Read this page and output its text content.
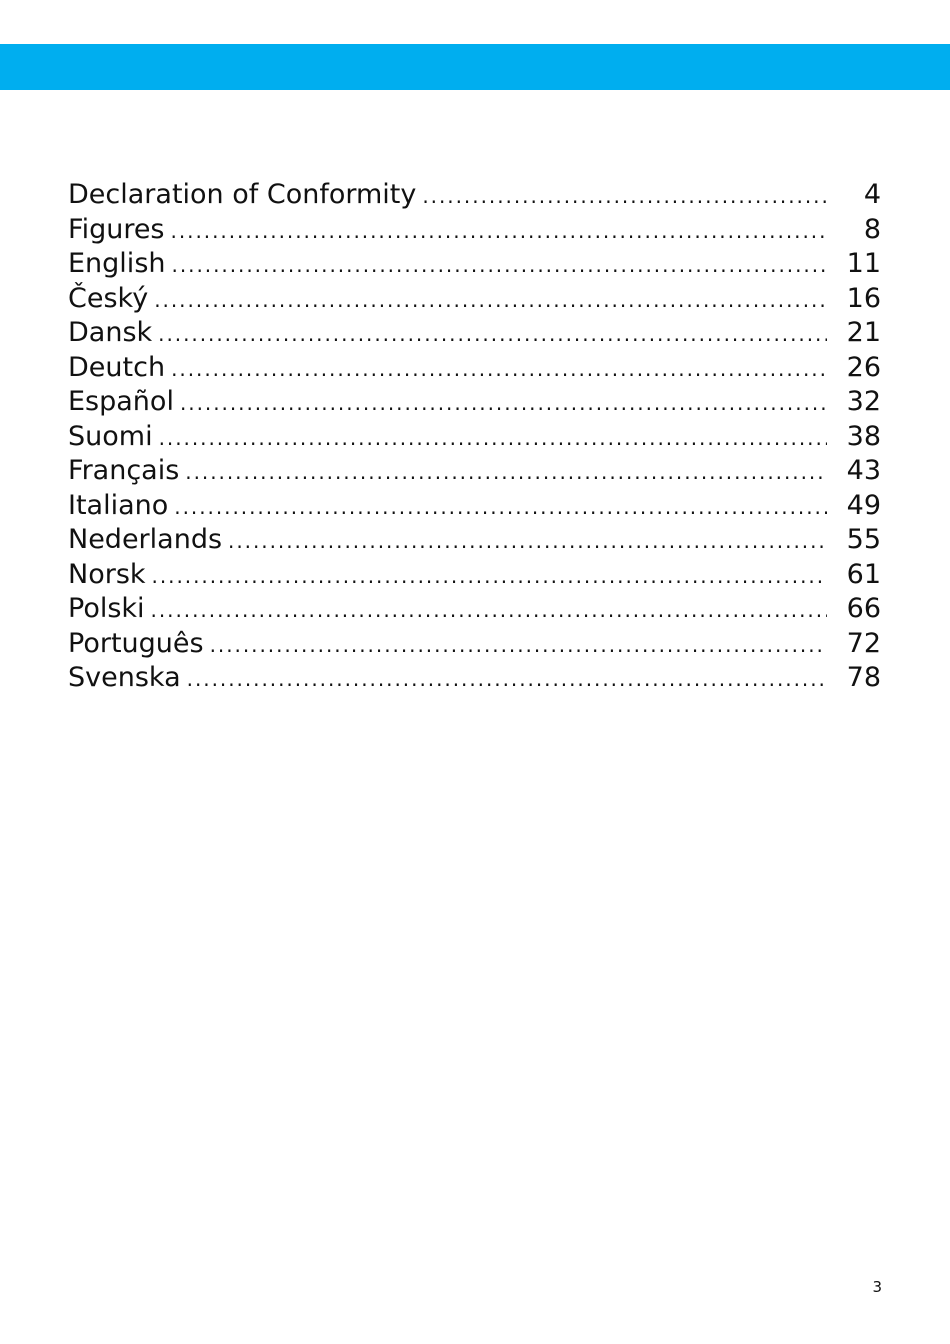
Declaration of Conformity . . .	4
Figures . . .	8
English . . .	11
Český . . .	16
Dansk . . .	21
Deutch . . .	26
Español . . .	32
Suomi . . .	38
Français . . .	43
Italiano . . .	49
Nederlands . . .	55
Norsk . . .	61
Polski . . .	66
Português . . .	72
Svenska . . .	78
3
